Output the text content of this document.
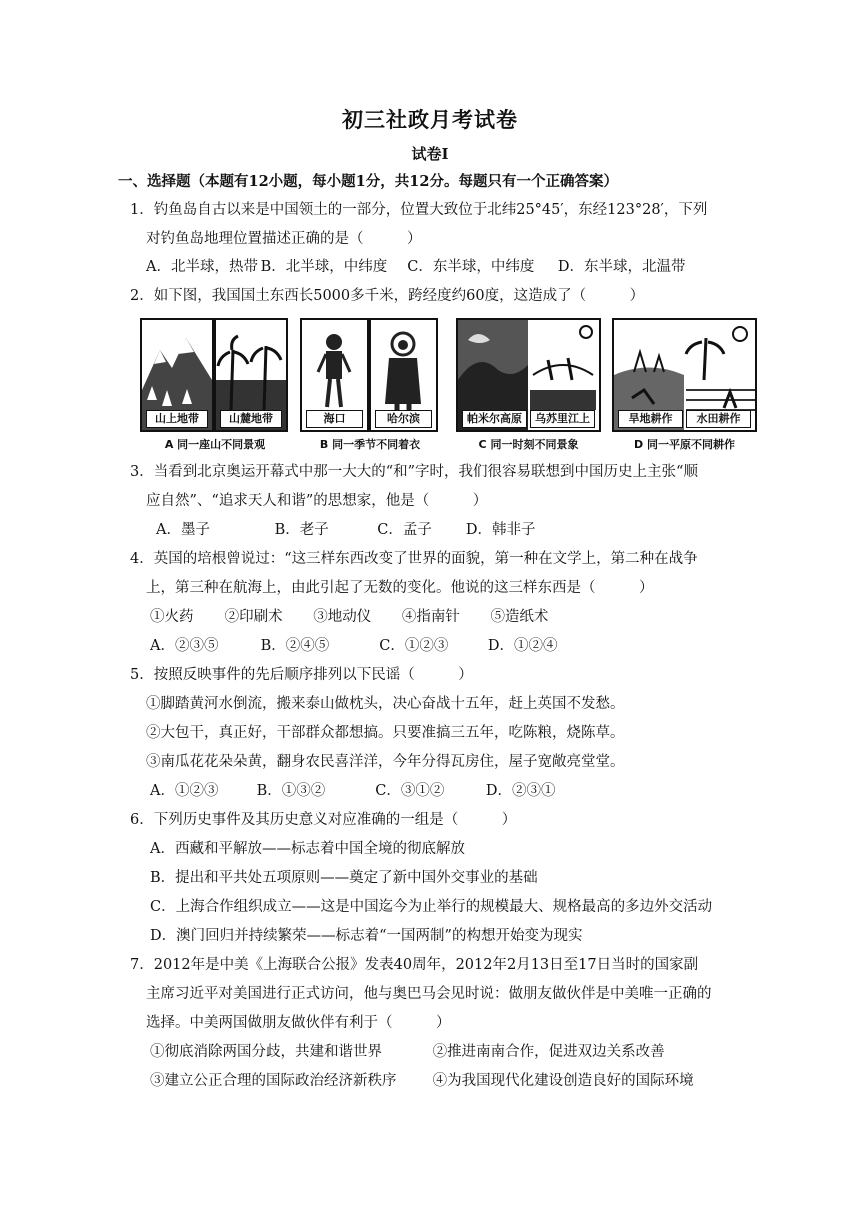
初三社政月考试卷
试卷Ⅰ
一、选择题（本题有12小题，每小题1分，共12分。每题只有一个正确答案）
1．钓鱼岛自古以来是中国领土的一部分，位置大致位于北纬25°45′，东经123°28′，下列
对钓鱼岛地理位置描述正确的是（　　　）
A．北半球，热带 B．北半球，中纬度 C．东半球，中纬度 D．东半球，北温带
2．如下图，我国国土东西长5000多千米，跨经度约60度，这造成了（　　　）
山上地带	山麓地带
A 同一座山不同景观
海口	哈尔滨
B 同一季节不同着衣
帕米尔高原	乌苏里江上
C 同一时刻不同景象
旱地耕作	水田耕作
D 同一平原不同耕作
3．当看到北京奥运开幕式中那一大大的“和”字时，我们很容易联想到中国历史上主张“顺
应自然”、“追求天人和谐”的思想家，他是（　　　）
A．墨子	B．老子	C．孟子 D．韩非子
4．英国的培根曾说过：“这三样东西改变了世界的面貌，第一种在文学上，第二种在战争
上，第三种在航海上，由此引起了无数的变化。他说的这三样东西是（　　　）
①火药 ②印刷术 ③地动仪 ④指南针 ⑤造纸术
A．②③⑤	B．②④⑤	C．①②③	D．①②④
5．按照反映事件的先后顺序排列以下民谣（　　　）
①脚踏黄河水倒流，搬来泰山做枕头，决心奋战十五年，赶上英国不发愁。
②大包干，真正好，干部群众都想搞。只要准搞三五年，吃陈粮，烧陈草。
③南瓜花花朵朵黄，翻身农民喜洋洋，今年分得瓦房住，屋子宽敞亮堂堂。
A．①②③	B．①③②	C．③①②	D．②③①
6．下列历史事件及其历史意义对应准确的一组是（　　　）
A．西藏和平解放——标志着中国全境的彻底解放
B．提出和平共处五项原则——奠定了新中国外交事业的基础
C．上海合作组织成立——这是中国迄今为止举行的规模最大、规格最高的多边外交活动
D．澳门回归并持续繁荣——标志着“一国两制”的构想开始变为现实
7．2012年是中美《上海联合公报》发表40周年，2012年2月13日至17日当时的国家副
主席习近平对美国进行正式访问，他与奥巴马会见时说：做朋友做伙伴是中美唯一正确的
选择。中美两国做朋友做伙伴有利于（　　　）
①彻底消除两国分歧，共建和谐世界	②推进南南合作，促进双边关系改善
③建立公正合理的国际政治经济新秩序 ④为我国现代化建设创造良好的国际环境
